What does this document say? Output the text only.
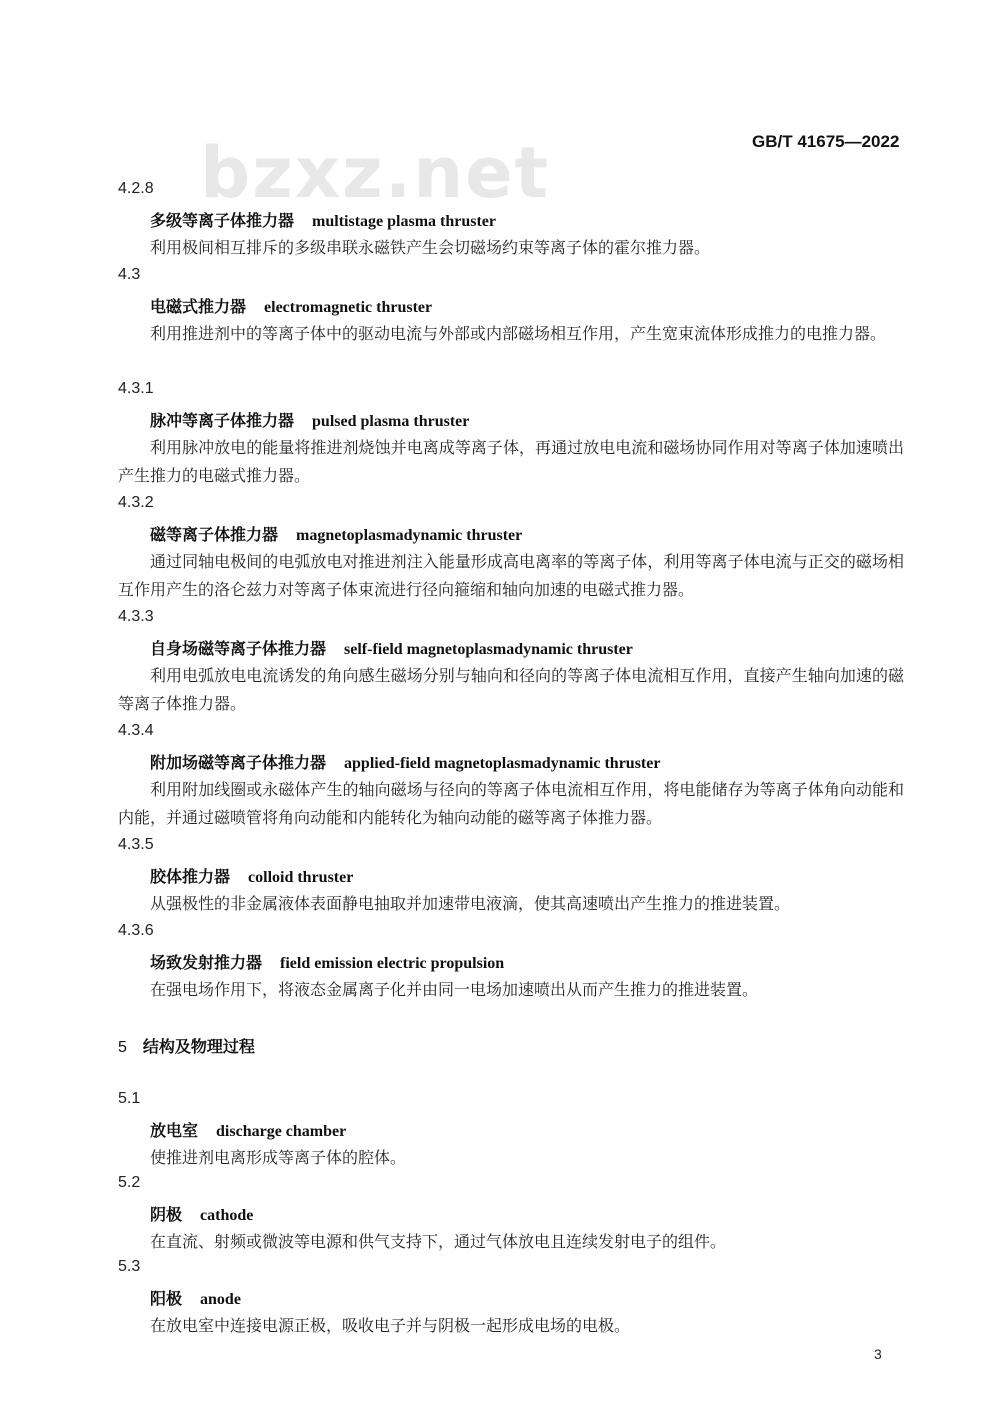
bzxz.net	GB/T 41675—2022
4.2.8
多级等离子体推力器 multistage plasma thruster
利用极间相互排斥的多级串联永磁铁产生会切磁场约束等离子体的霍尔推力器。
4.3
电磁式推力器 electromagnetic thruster
利用推进剂中的等离子体中的驱动电流与外部或内部磁场相互作用，产生宽束流体形成推力的电推力器。
4.3.1
脉冲等离子体推力器 pulsed plasma thruster
利用脉冲放电的能量将推进剂烧蚀并电离成等离子体，再通过放电电流和磁场协同作用对等离子体加速喷出产生推力的电磁式推力器。
4.3.2
磁等离子体推力器 magnetoplasmadynamic thruster
通过同轴电极间的电弧放电对推进剂注入能量形成高电离率的等离子体，利用等离子体电流与正交的磁场相互作用产生的洛仑兹力对等离子体束流进行径向箍缩和轴向加速的电磁式推力器。
4.3.3
自身场磁等离子体推力器 self-field magnetoplasmadynamic thruster
利用电弧放电电流诱发的角向感生磁场分别与轴向和径向的等离子体电流相互作用，直接产生轴向加速的磁等离子体推力器。
4.3.4
附加场磁等离子体推力器 applied-field magnetoplasmadynamic thruster
利用附加线圈或永磁体产生的轴向磁场与径向的等离子体电流相互作用，将电能储存为等离子体角向动能和内能，并通过磁喷管将角向动能和内能转化为轴向动能的磁等离子体推力器。
4.3.5
胶体推力器 colloid thruster
从强极性的非金属液体表面静电抽取并加速带电液滴，使其高速喷出产生推力的推进装置。
4.3.6
场致发射推力器 field emission electric propulsion
在强电场作用下，将液态金属离子化并由同一电场加速喷出从而产生推力的推进装置。
5 结构及物理过程
5.1
放电室 discharge chamber
使推进剂电离形成等离子体的腔体。
5.2
阴极 cathode
在直流、射频或微波等电源和供气支持下，通过气体放电且连续发射电子的组件。
5.3
阳极 anode
在放电室中连接电源正极，吸收电子并与阴极一起形成电场的电极。
3
